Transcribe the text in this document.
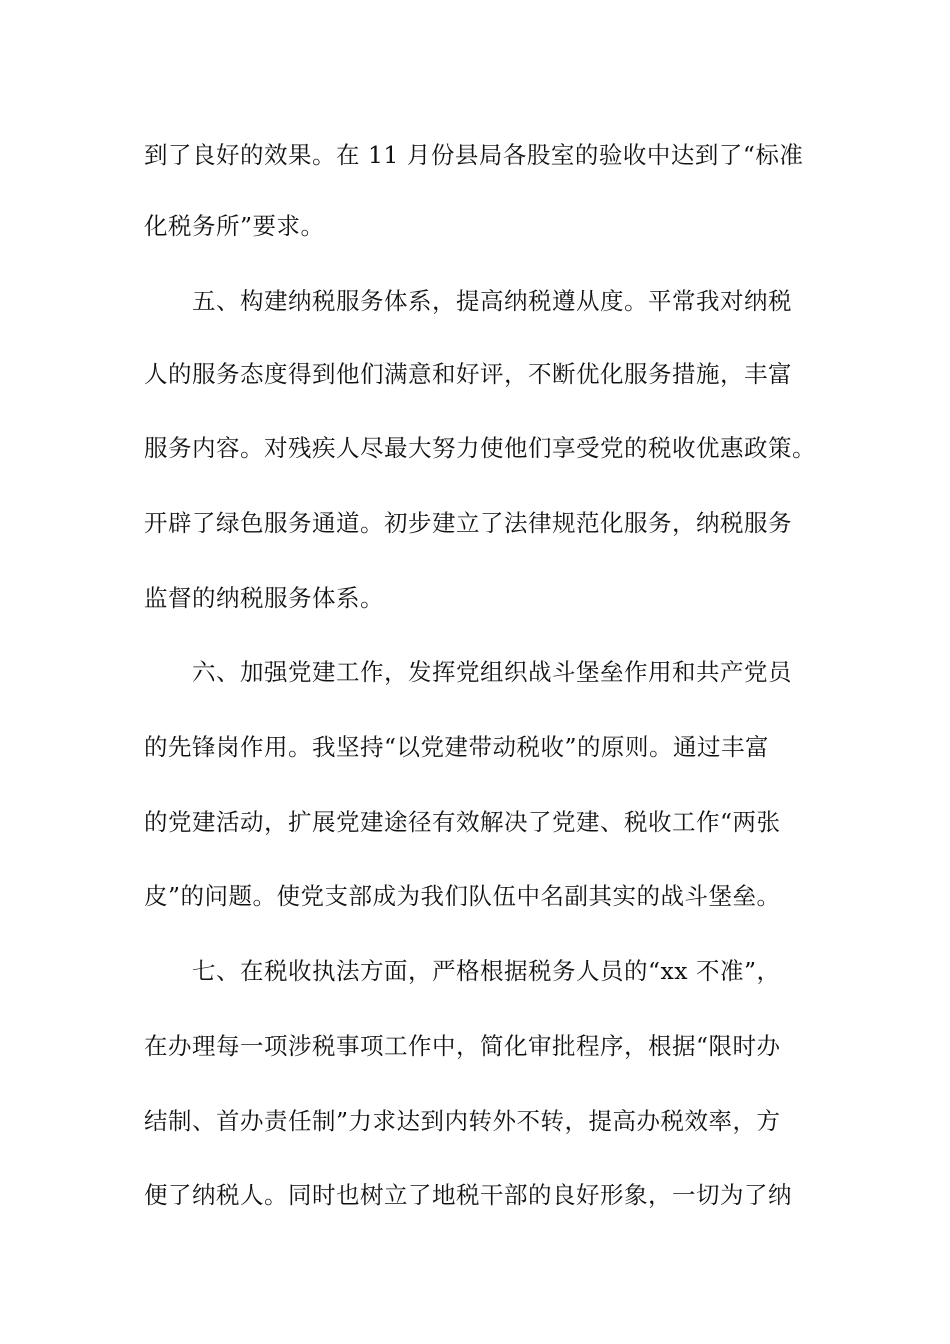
到了良好的效果。在 11 月份县局各股室的验收中达到了“标准
化税务所”要求。
五、构建纳税服务体系，提高纳税遵从度。平常我对纳税
人的服务态度得到他们满意和好评，不断优化服务措施，丰富
服务内容。对残疾人尽最大努力使他们享受党的税收优惠政策。
开辟了绿色服务通道。初步建立了法律规范化服务，纳税服务
监督的纳税服务体系。
六、加强党建工作，发挥党组织战斗堡垒作用和共产党员
的先锋岗作用。我坚持“以党建带动税收”的原则。通过丰富
的党建活动，扩展党建途径有效解决了党建、税收工作“两张
皮”的问题。使党支部成为我们队伍中名副其实的战斗堡垒。
七、在税收执法方面，严格根据税务人员的“xx 不准”，
在办理每一项涉税事项工作中，简化审批程序，根据“限时办
结制、首办责任制”力求达到内转外不转，提高办税效率，方
便了纳税人。同时也树立了地税干部的良好形象，一切为了纳
